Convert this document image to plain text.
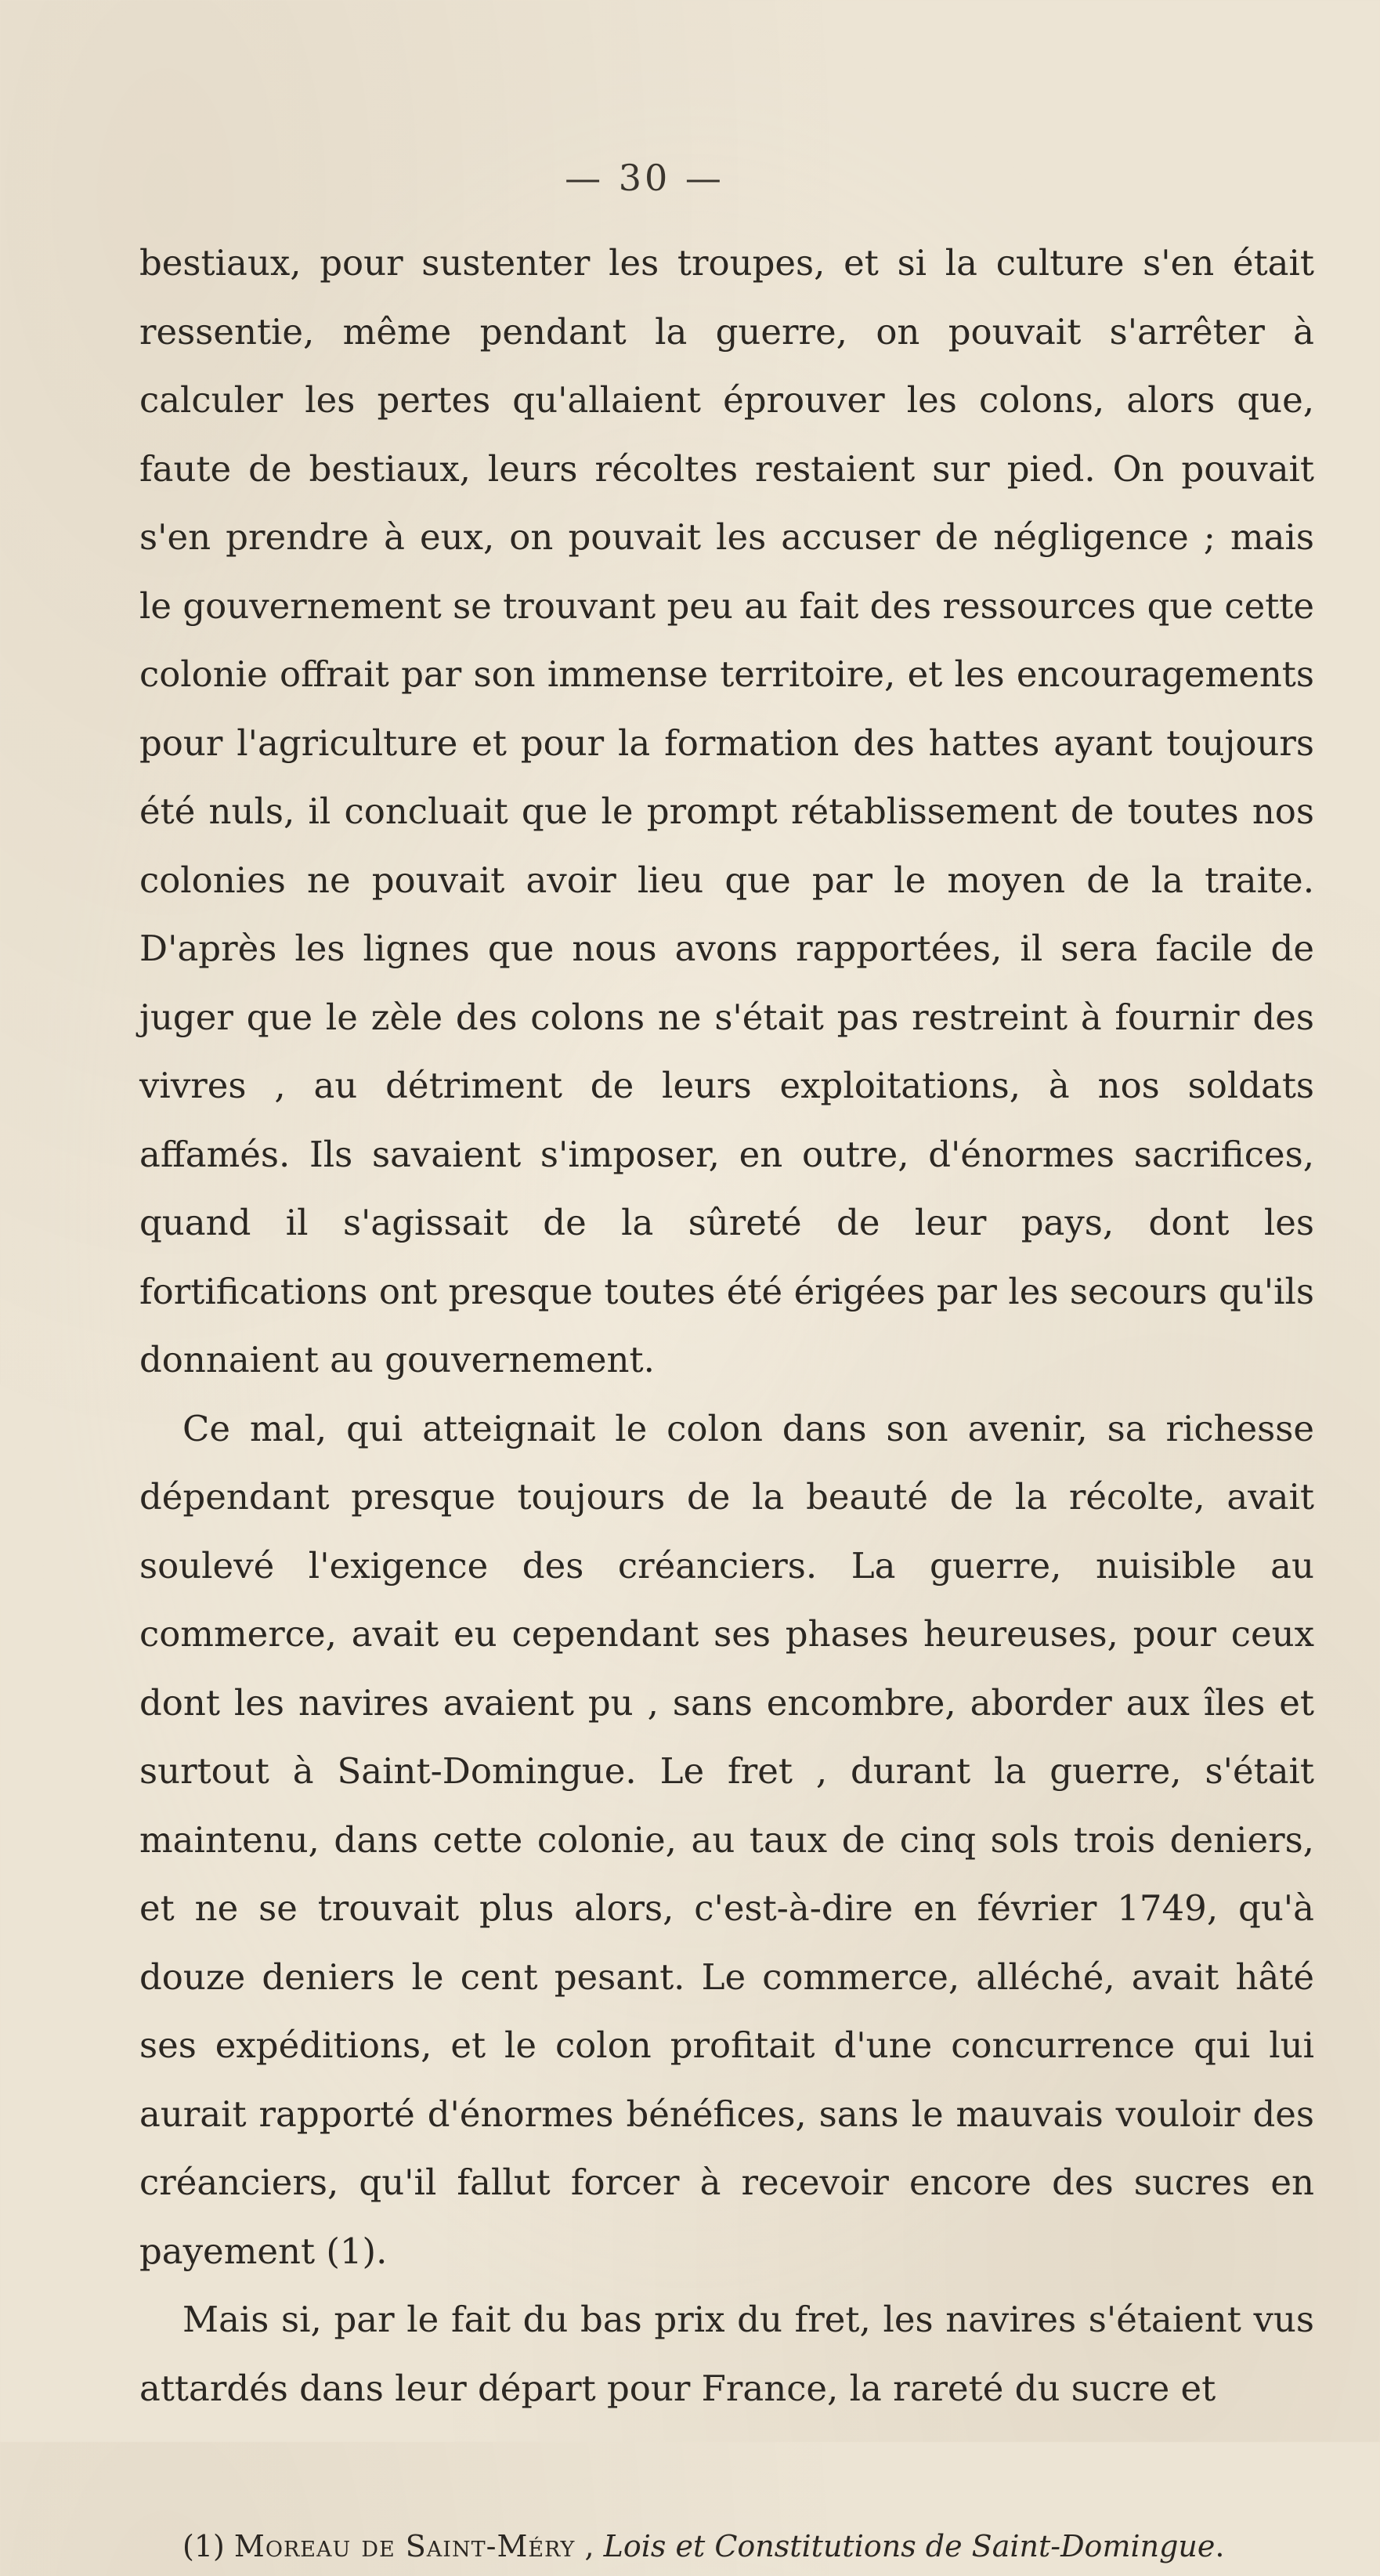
— 30 —

bestiaux, pour sustenter les troupes, et si la culture s'en était ressentie, même pendant la guerre, on pouvait s'arrêter à calculer les pertes qu'allaient éprouver les colons, alors que, faute de bestiaux, leurs récoltes restaient sur pied. On pouvait s'en prendre à eux, on pouvait les accuser de négligence ; mais le gouvernement se trouvant peu au fait des ressources que cette colonie offrait par son immense territoire, et les encouragements pour l'agriculture et pour la formation des hattes ayant toujours été nuls, il concluait que le prompt rétablissement de toutes nos colonies ne pouvait avoir lieu que par le moyen de la traite. D'après les lignes que nous avons rapportées, il sera facile de juger que le zèle des colons ne s'était pas restreint à fournir des vivres , au détriment de leurs exploitations, à nos soldats affamés. Ils savaient s'imposer, en outre, d'énormes sacrifices, quand il s'agissait de la sûreté de leur pays, dont les fortifications ont presque toutes été érigées par les secours qu'ils donnaient au gouvernement.

Ce mal, qui atteignait le colon dans son avenir, sa richesse dépendant presque toujours de la beauté de la récolte, avait soulevé l'exigence des créanciers. La guerre, nuisible au commerce, avait eu cependant ses phases heureuses, pour ceux dont les navires avaient pu , sans encombre, aborder aux îles et surtout à Saint-Domingue. Le fret , durant la guerre, s'était maintenu, dans cette colonie, au taux de cinq sols trois deniers, et ne se trouvait plus alors, c'est-à-dire en février 1749, qu'à douze deniers le cent pesant. Le commerce, alléché, avait hâté ses expéditions, et le colon profitait d'une concurrence qui lui aurait rapporté d'énormes bénéfices, sans le mauvais vouloir des créanciers, qu'il fallut forcer à recevoir encore des sucres en payement (1).

Mais si, par le fait du bas prix du fret, les navires s'étaient vus attardés dans leur départ pour France, la rareté du sucre et

(1) Moreau de Saint-Méry , Lois et Constitutions de Saint-Domingue.
